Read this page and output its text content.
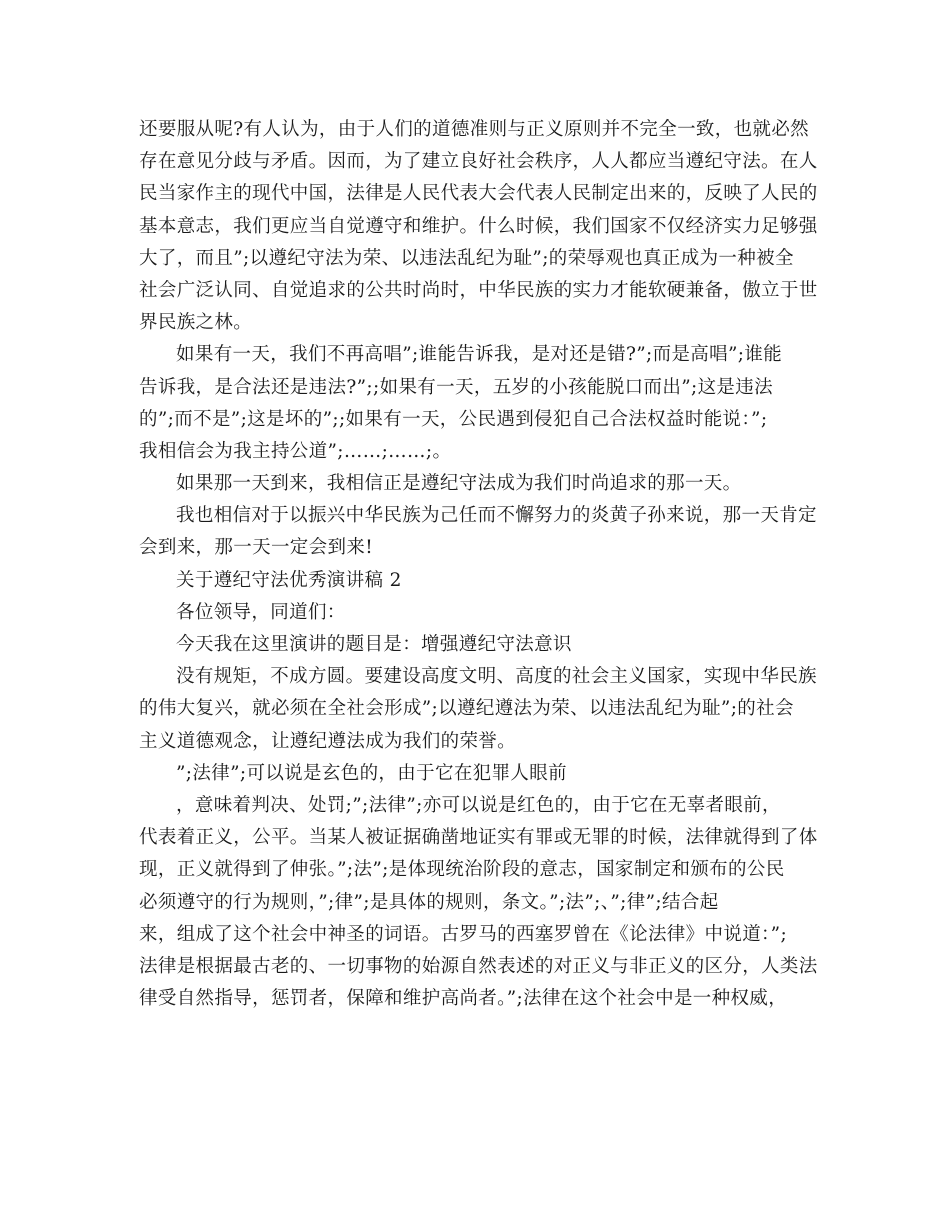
还要服从呢?有人认为，由于人们的道德准则与正义原则并不完全一致，也就必然
存在意见分歧与矛盾。因而，为了建立良好社会秩序，人人都应当遵纪守法。在人
民当家作主的现代中国，法律是人民代表大会代表人民制定出来的，反映了人民的
基本意志，我们更应当自觉遵守和维护。什么时候，我们国家不仅经济实力足够强
大了，而且”;以遵纪守法为荣、以违法乱纪为耻”;的荣辱观也真正成为一种被全
社会广泛认同、自觉追求的公共时尚时，中华民族的实力才能软硬兼备，傲立于世
界民族之林。
如果有一天，我们不再高唱”;谁能告诉我，是对还是错?”;而是高唱”;谁能
告诉我，是合法还是违法?”;;如果有一天，五岁的小孩能脱口而出”;这是违法
的”;而不是”;这是坏的”;;如果有一天，公民遇到侵犯自己合法权益时能说：”;
我相信会为我主持公道”;……;……;。
如果那一天到来，我相信正是遵纪守法成为我们时尚追求的那一天。
我也相信对于以振兴中华民族为己任而不懈努力的炎黄子孙来说，那一天肯定
会到来，那一天一定会到来!
关于遵纪守法优秀演讲稿 2
各位领导，同道们：
今天我在这里演讲的题目是：增强遵纪守法意识
没有规矩，不成方圆。要建设高度文明、高度的社会主义国家，实现中华民族
的伟大复兴，就必须在全社会形成”;以遵纪遵法为荣、以违法乱纪为耻”;的社会
主义道德观念，让遵纪遵法成为我们的荣誉。
”;法律”;可以说是玄色的，由于它在犯罪人眼前
，意味着判决、处罚;”;法律”;亦可以说是红色的，由于它在无辜者眼前，
代表着正义，公平。当某人被证据确凿地证实有罪或无罪的时候，法律就得到了体
现，正义就得到了伸张。”;法”;是体现统治阶段的意志，国家制定和颁布的公民
必须遵守的行为规则，”;律”;是具体的规则，条文。”;法”;、”;律”;结合起
来，组成了这个社会中神圣的词语。古罗马的西塞罗曾在《论法律》中说道：”;
法律是根据最古老的、一切事物的始源自然表述的对正义与非正义的区分，人类法
律受自然指导，惩罚者，保障和维护高尚者。”;法律在这个社会中是一种权威，
